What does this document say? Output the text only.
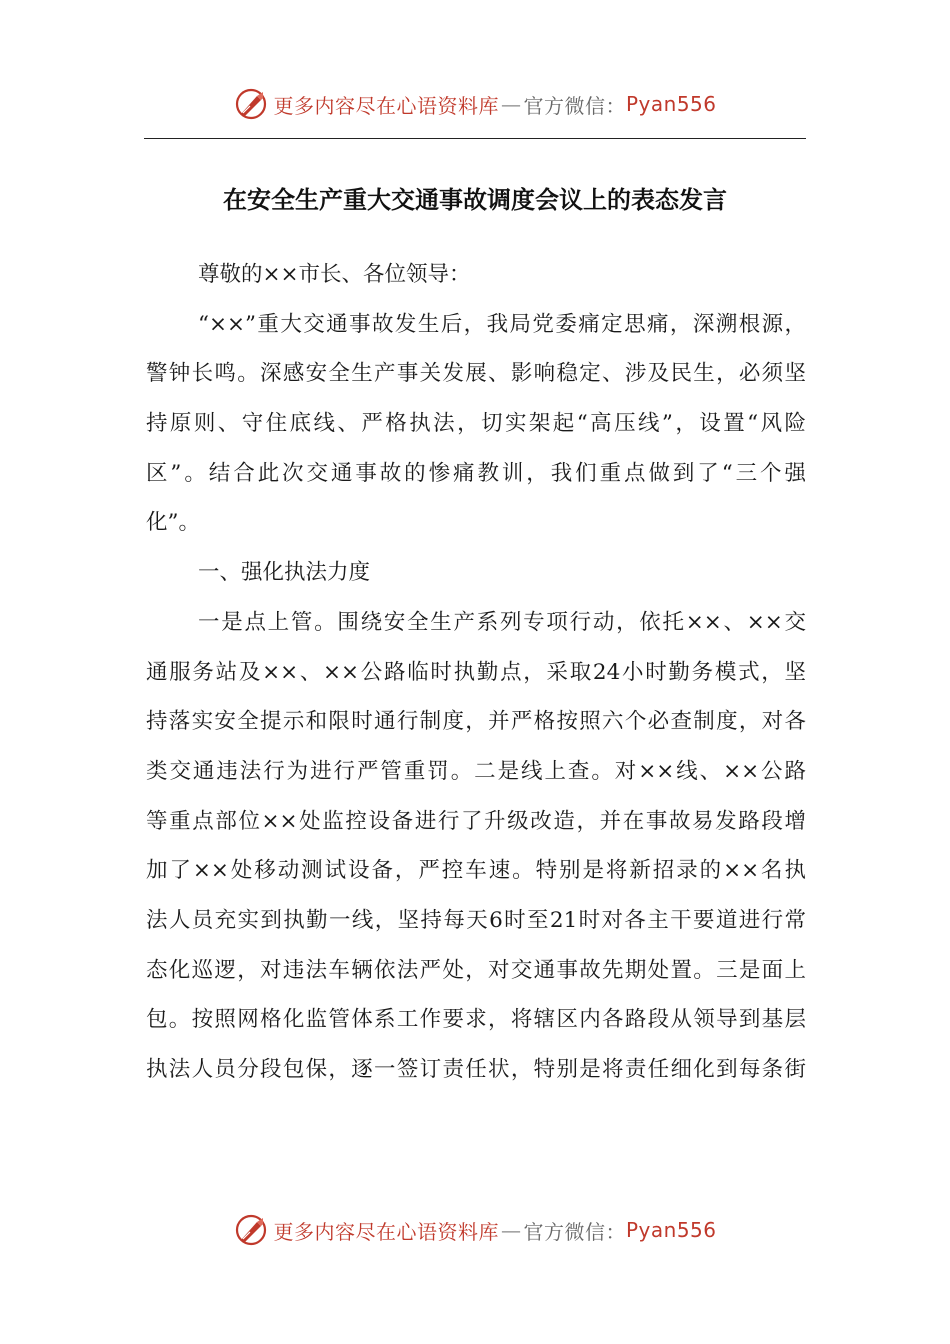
更多内容尽在心语资料库 — 官方微信： Pyan556
在安全生产重大交通事故调度会议上的表态发言
尊敬的××市长、各位领导：
“××”重大交通事故发生后，我局党委痛定思痛，深溯根源，
警钟长鸣。深感安全生产事关发展、影响稳定、涉及民生，必须坚
持原则、守住底线、严格执法，切实架起“高压线”，设置“风险
区”。结合此次交通事故的惨痛教训，我们重点做到了“三个强
化”。
一、强化执法力度
一是点上管。围绕安全生产系列专项行动，依托××、××交
通服务站及××、××公路临时执勤点，采取24小时勤务模式，坚
持落实安全提示和限时通行制度，并严格按照六个必查制度，对各
类交通违法行为进行严管重罚。二是线上查。对××线、××公路
等重点部位××处监控设备进行了升级改造，并在事故易发路段增
加了××处移动测试设备，严控车速。特别是将新招录的××名执
法人员充实到执勤一线，坚持每天6时至21时对各主干要道进行常
态化巡逻，对违法车辆依法严处，对交通事故先期处置。三是面上
包。按照网格化监管体系工作要求，将辖区内各路段从领导到基层
执法人员分段包保，逐一签订责任状，特别是将责任细化到每条街
更多内容尽在心语资料库 — 官方微信： Pyan556
